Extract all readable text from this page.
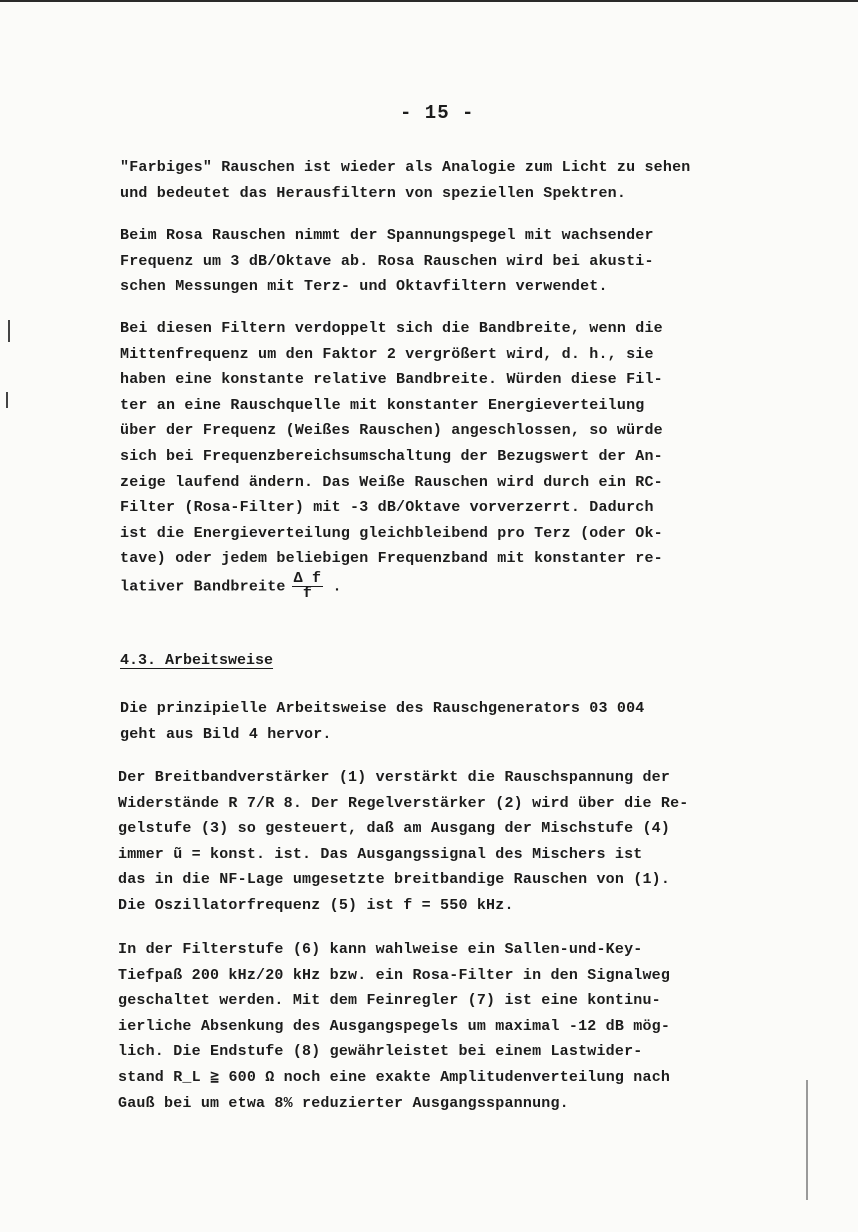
- 15 -
"Farbiges" Rauschen ist wieder als Analogie zum Licht zu sehen
und bedeutet das Herausfiltern von speziellen Spektren.
Beim Rosa Rauschen nimmt der Spannungspegel mit wachsender
Frequenz um 3 dB/Oktave ab. Rosa Rauschen wird bei akusti-
schen Messungen mit Terz- und Oktavfiltern verwendet.
Bei diesen Filtern verdoppelt sich die Bandbreite, wenn die
Mittenfrequenz um den Faktor 2 vergrößert wird, d. h., sie
haben eine konstante relative Bandbreite. Würden diese Fil-
ter an eine Rauschquelle mit konstanter Energieverteilung
über der Frequenz (Weißes Rauschen) angeschlossen, so würde
sich bei Frequenzbereichsumschaltung der Bezugswert der An-
zeige laufend ändern. Das Weiße Rauschen wird durch ein RC-
Filter (Rosa-Filter) mit -3 dB/Oktave vorverzerrt. Dadurch
ist die Energieverteilung gleichbleibend pro Terz (oder Ok-
tave) oder jedem beliebigen Frequenzband mit konstanter re-
lativer Bandbreite $\frac{\text{Δ f}}{f}$ .
4.3. Arbeitsweise
Die prinzipielle Arbeitsweise des Rauschgenerators 03 004
geht aus Bild 4 hervor.
Der Breitbandverstärker (1) verstärkt die Rauschspannung der
Widerstände R 7/R 8. Der Regelverstärker (2) wird über die Re-
gelstufe (3) so gesteuert, daß am Ausgang der Mischstufe (4)
immer ũ = konst. ist. Das Ausgangssignal des Mischers ist
das in die NF-Lage umgesetzte breitbandige Rauschen von (1).
Die Oszillatorfrequenz (5) ist f = 550 kHz.
In der Filterstufe (6) kann wahlweise ein Sallen-und-Key-
Tiefpaß 200 kHz/20 kHz bzw. ein Rosa-Filter in den Signalweg
geschaltet werden. Mit dem Feinregler (7) ist eine kontinu-
ierliche Absenkung des Ausgangspegels um maximal -12 dB mög-
lich. Die Endstufe (8) gewährleistet bei einem Lastwider-
stand R_L ≧ 600 Ω noch eine exakte Amplitudenverteilung nach
Gauß bei um etwa 8% reduzierter Ausgangsspannung.
